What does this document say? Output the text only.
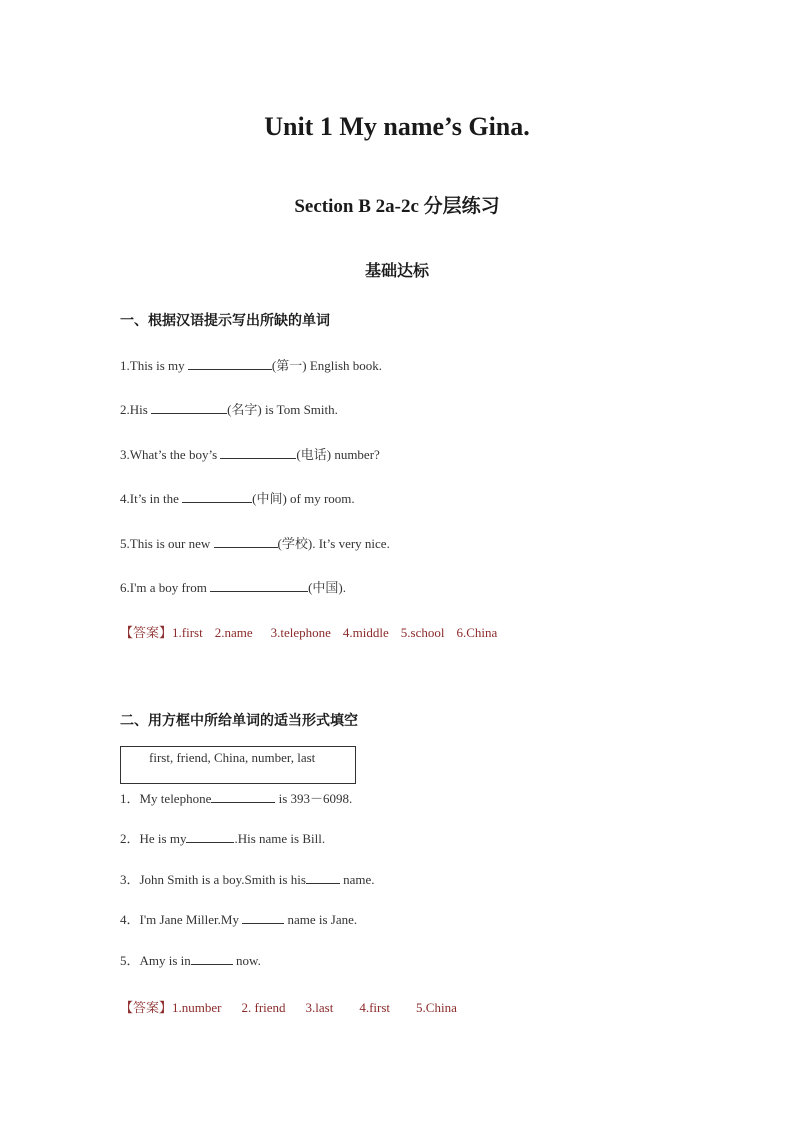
Unit 1 My name’s Gina.
Section B 2a-2c 分层练习
基础达标
一、根据汉语提示写出所缺的单词
1.This is my	(第一) English book.
2.His	(名字) is Tom Smith.
3.What’s the boy’s	(电话) number?
4.It’s in the	(中间) of my room.
5.This is our new	(学校). It’s very nice.
6.I'm a boy from	(中国).
【答案】1.first 2.name 3.telephone 4.middle 5.school 6.China
二、用方框中所给单词的适当形式填空
first, friend, China, number, last
1．My telephone	is 393－6098.
2．He is my	.His name is Bill.
3．John Smith is a boy.Smith is his	name.
4．I'm Jane Miller.My	name is Jane.
5．Amy is in	now.
【答案】1.number 2. friend 3.last 4.first 5.China
